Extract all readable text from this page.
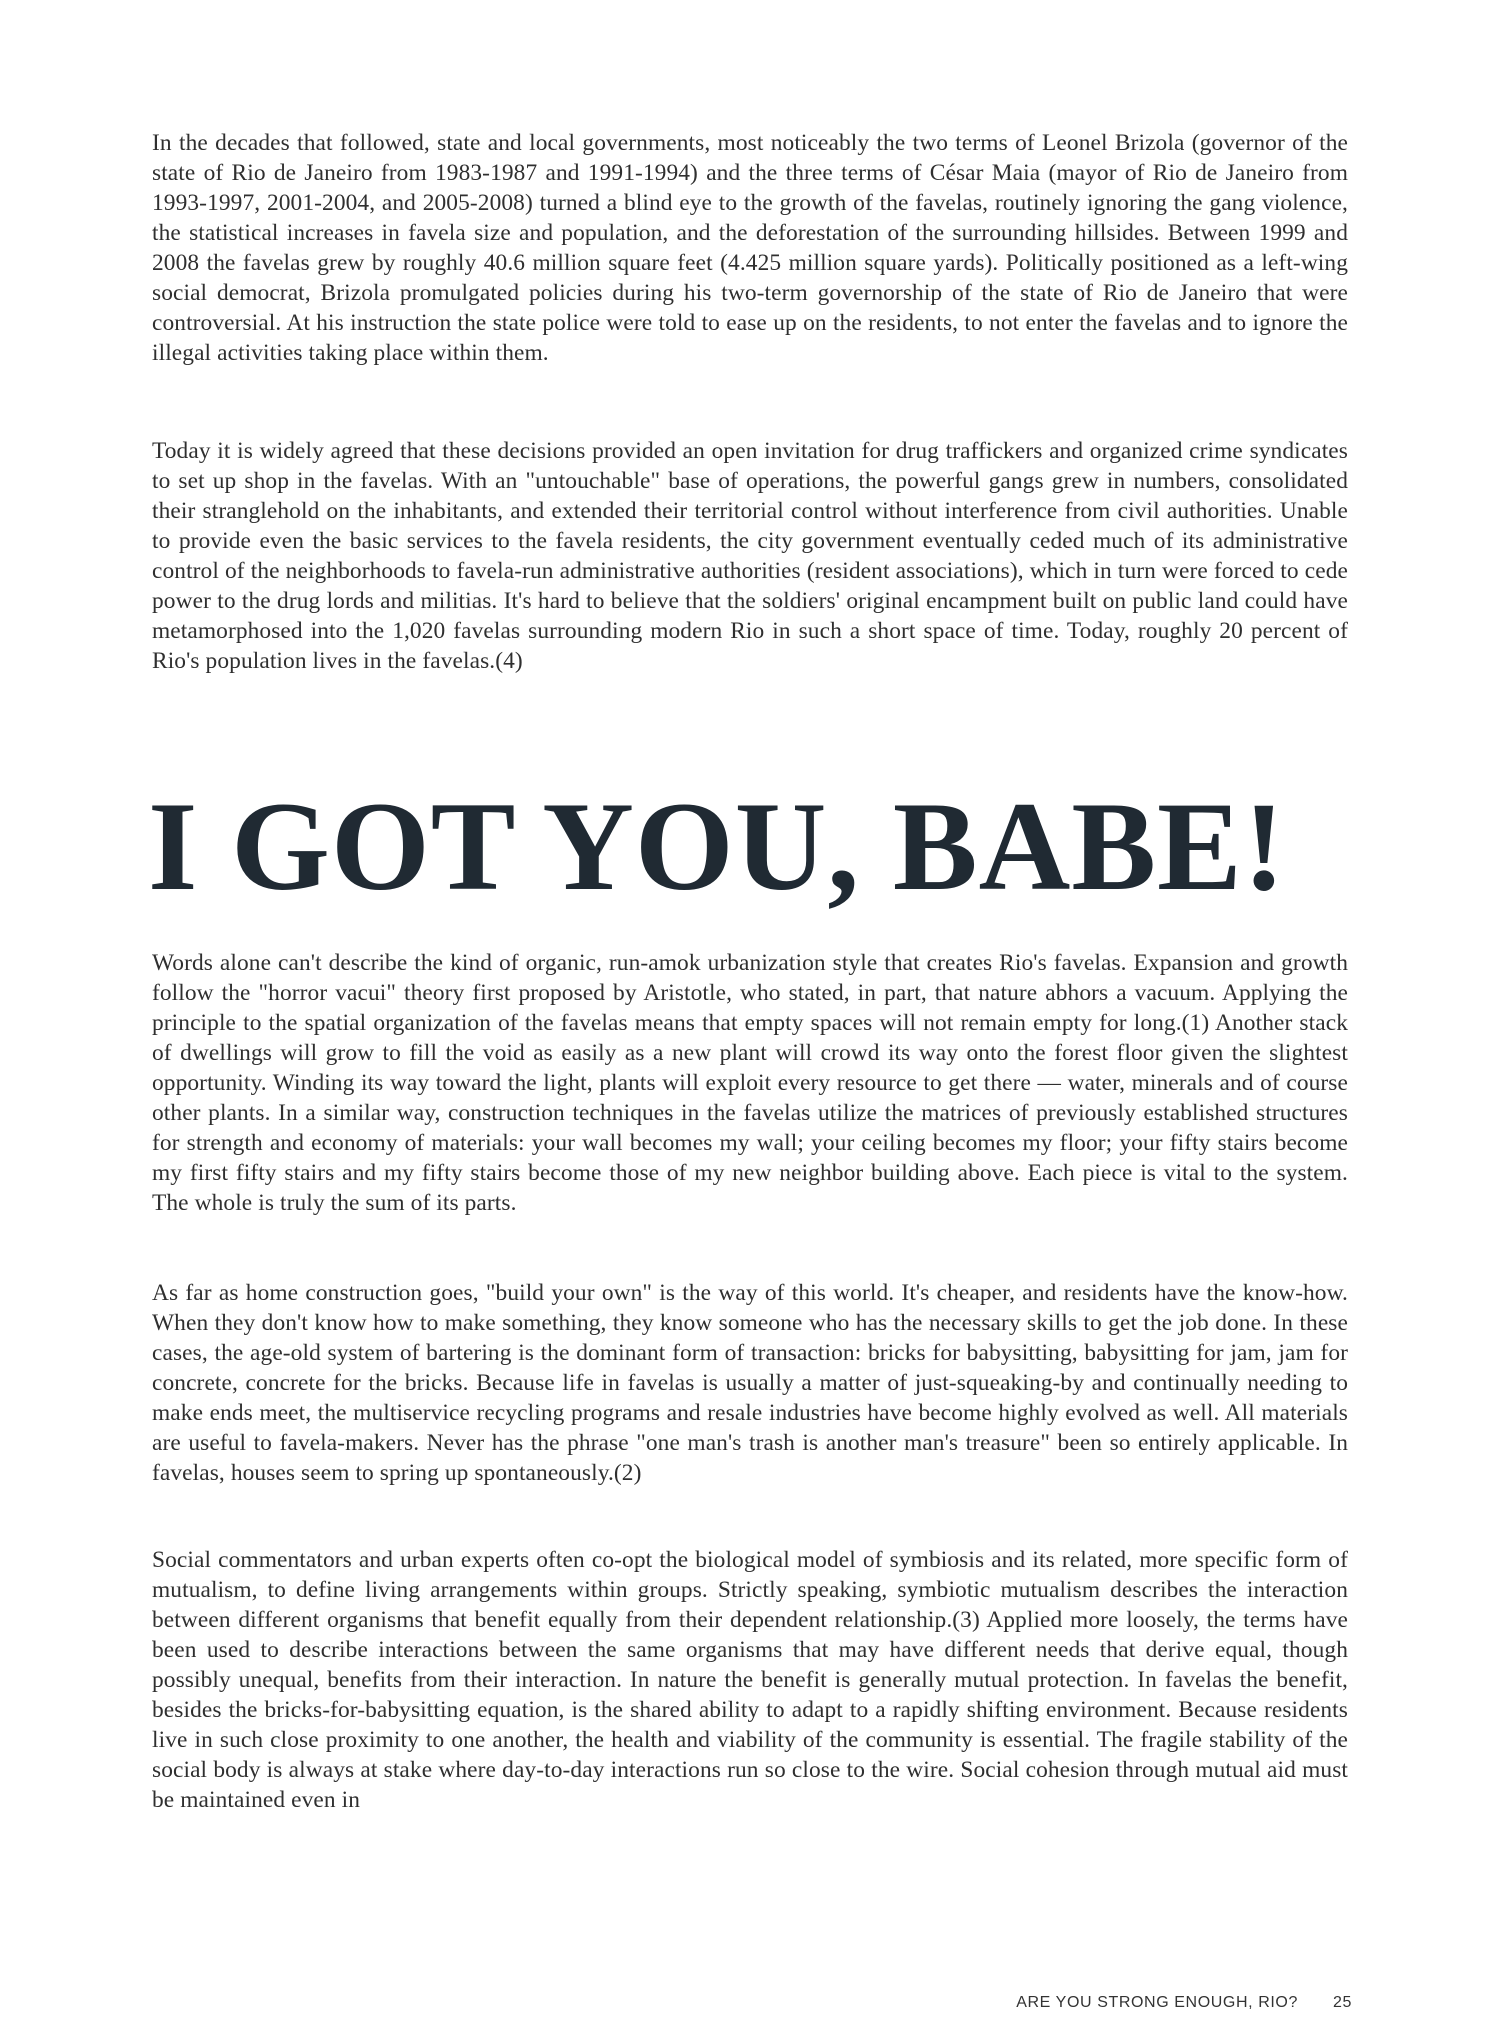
In the decades that followed, state and local governments, most noticeably the two terms of Leonel Brizola (governor of the state of Rio de Janeiro from 1983-1987 and 1991-1994) and the three terms of César Maia (mayor of Rio de Janeiro from 1993-1997, 2001-2004, and 2005-2008) turned a blind eye to the growth of the favelas, routinely ignoring the gang violence, the statistical increases in favela size and population, and the deforestation of the surrounding hillsides. Between 1999 and 2008 the favelas grew by roughly 40.6 million square feet (4.425 million square yards). Politically positioned as a left-wing social democrat, Brizola promulgated policies during his two-term governorship of the state of Rio de Janeiro that were controversial. At his instruction the state police were told to ease up on the residents, to not enter the favelas and to ignore the illegal activities taking place within them.

Today it is widely agreed that these decisions provided an open invitation for drug traffickers and organized crime syndicates to set up shop in the favelas. With an "untouchable" base of operations, the powerful gangs grew in numbers, consolidated their stranglehold on the inhabitants, and extended their territorial control without interference from civil authorities. Unable to provide even the basic services to the favela residents, the city government eventually ceded much of its administrative control of the neighborhoods to favela-run administrative authorities (resident associations), which in turn were forced to cede power to the drug lords and militias. It's hard to believe that the soldiers' original encampment built on public land could have metamorphosed into the 1,020 favelas surrounding modern Rio in such a short space of time. Today, roughly 20 percent of Rio's population lives in the favelas.(4)

I GOT YOU, BABE!

Words alone can't describe the kind of organic, run-amok urbanization style that creates Rio's favelas. Expansion and growth follow the "horror vacui" theory first proposed by Aristotle, who stated, in part, that nature abhors a vacuum. Applying the principle to the spatial organization of the favelas means that empty spaces will not remain empty for long.(1) Another stack of dwellings will grow to fill the void as easily as a new plant will crowd its way onto the forest floor given the slightest opportunity. Winding its way toward the light, plants will exploit every resource to get there — water, minerals and of course other plants. In a similar way, construction techniques in the favelas utilize the matrices of previously established structures for strength and economy of materials: your wall becomes my wall; your ceiling becomes my floor; your fifty stairs become my first fifty stairs and my fifty stairs become those of my new neighbor building above. Each piece is vital to the system. The whole is truly the sum of its parts.

As far as home construction goes, "build your own" is the way of this world. It's cheaper, and residents have the know-how. When they don't know how to make something, they know someone who has the necessary skills to get the job done. In these cases, the age-old system of bartering is the dominant form of transaction: bricks for babysitting, babysitting for jam, jam for concrete, concrete for the bricks. Because life in favelas is usually a matter of just-squeaking-by and continually needing to make ends meet, the multiservice recycling programs and resale industries have become highly evolved as well. All materials are useful to favela-makers. Never has the phrase "one man's trash is another man's treasure" been so entirely applicable. In favelas, houses seem to spring up spontaneously.(2)

Social commentators and urban experts often co-opt the biological model of symbiosis and its related, more specific form of mutualism, to define living arrangements within groups. Strictly speaking, symbiotic mutualism describes the interaction between different organisms that benefit equally from their dependent relationship.(3) Applied more loosely, the terms have been used to describe interactions between the same organisms that may have different needs that derive equal, though possibly unequal, benefits from their interaction. In nature the benefit is generally mutual protection. In favelas the benefit, besides the bricks-for-babysitting equation, is the shared ability to adapt to a rapidly shifting environment. Because residents live in such close proximity to one another, the health and viability of the community is essential. The fragile stability of the social body is always at stake where day-to-day interactions run so close to the wire. Social cohesion through mutual aid must be maintained even in

ARE YOU STRONG ENOUGH, RIO? 25
